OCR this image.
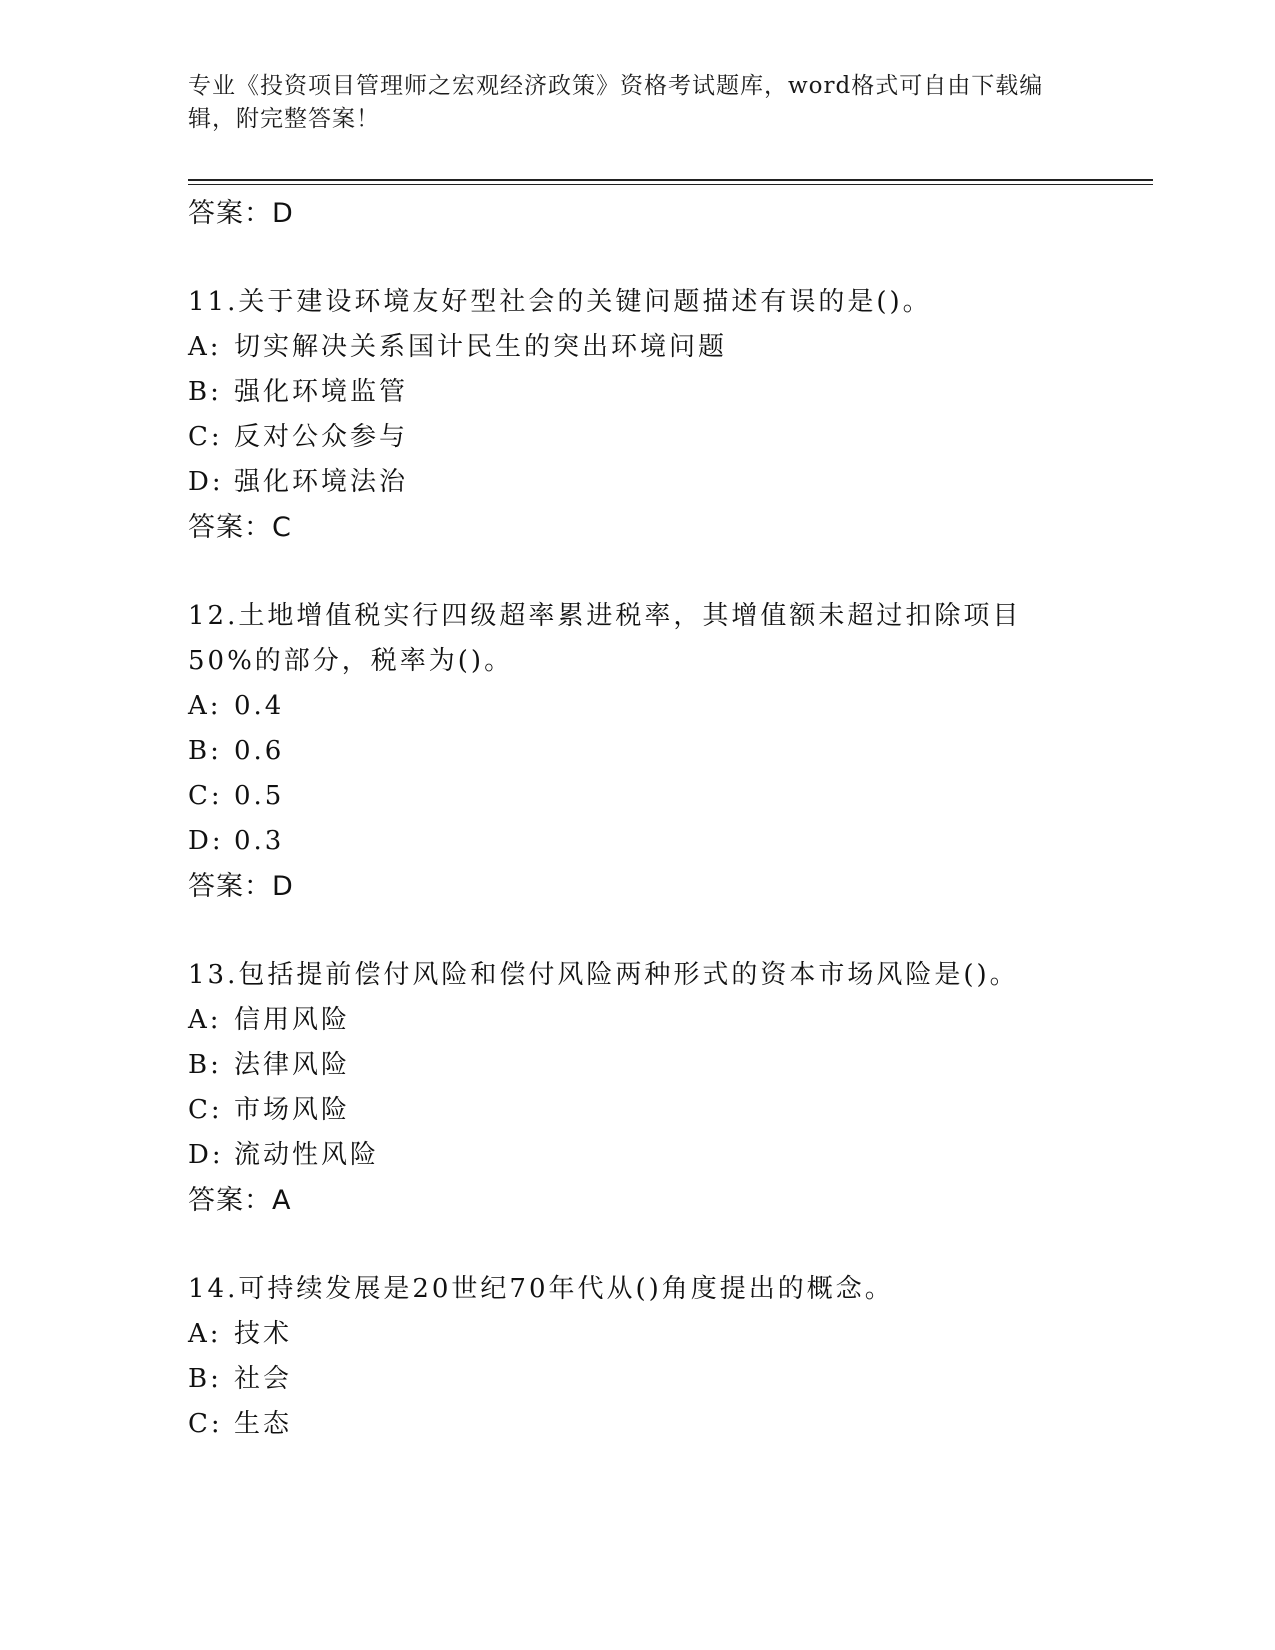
专业《投资项目管理师之宏观经济政策》资格考试题库，word格式可自由下载编辑，附完整答案！
答案：D
11.关于建设环境友好型社会的关键问题描述有误的是()。
A: 切实解决关系国计民生的突出环境问题
B: 强化环境监管
C: 反对公众参与
D: 强化环境法治
答案：C
12.土地增值税实行四级超率累进税率，其增值额未超过扣除项目50%的部分，税率为()。
A: 0.4
B: 0.6
C: 0.5
D: 0.3
答案：D
13.包括提前偿付风险和偿付风险两种形式的资本市场风险是()。
A: 信用风险
B: 法律风险
C: 市场风险
D: 流动性风险
答案：A
14.可持续发展是20世纪70年代从()角度提出的概念。
A: 技术
B: 社会
C: 生态
